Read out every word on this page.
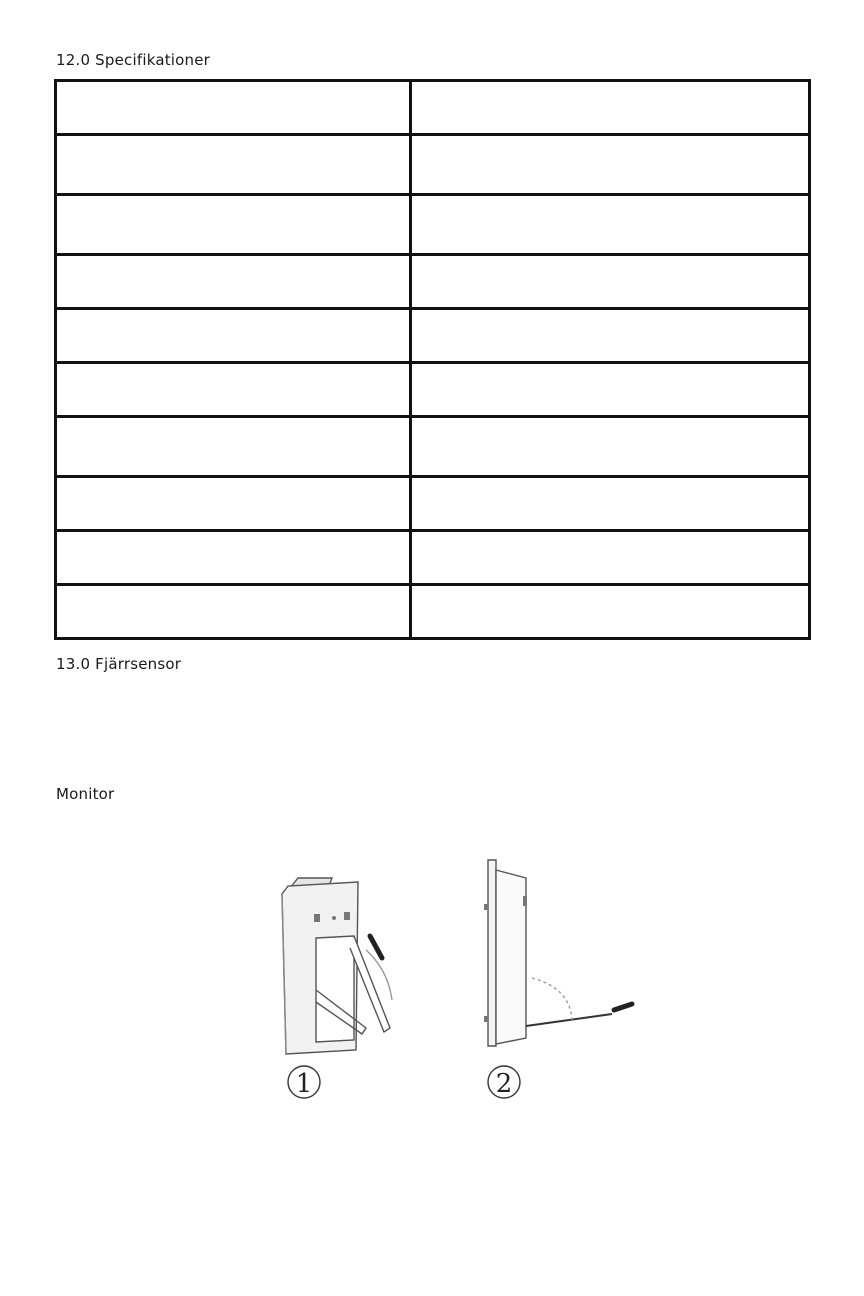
12.0 Specifikationer

13.0 Fjärrsensor
Monitor
1	2
